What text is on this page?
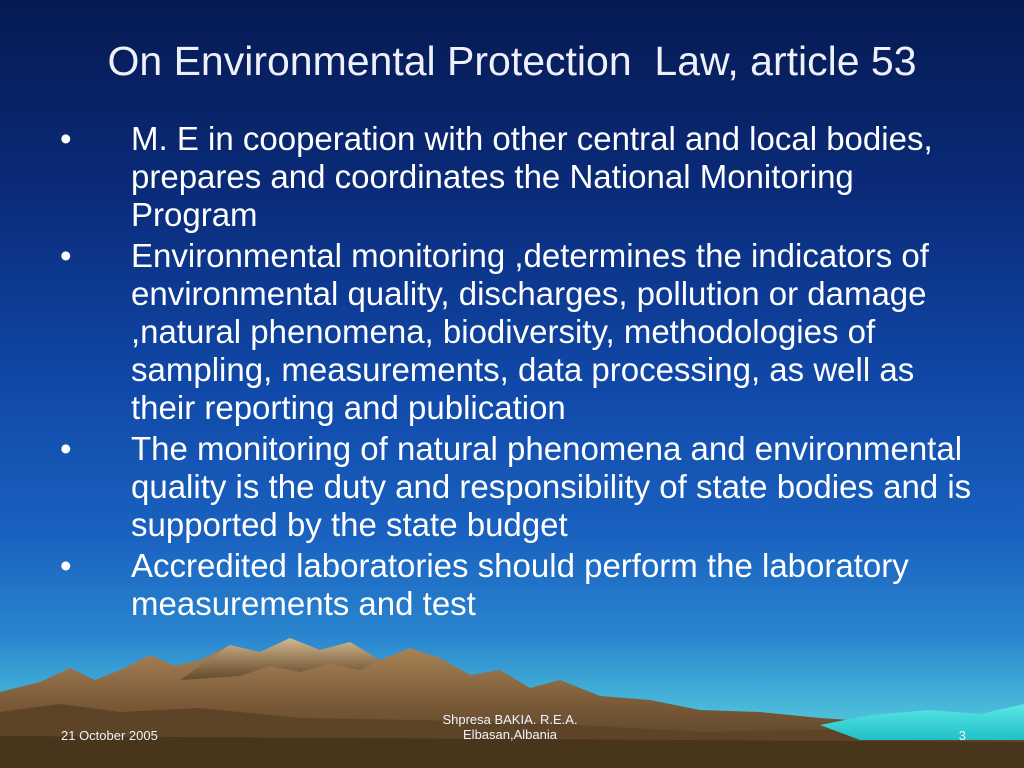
On Environmental Protection  Law, article 53
• M. E in cooperation with other central and local bodies, prepares and coordinates the National Monitoring Program
• Environmental monitoring ,determines the indicators of environmental quality, discharges, pollution or damage ,natural phenomena, biodiversity, methodologies of sampling, measurements, data processing, as well as their reporting and publication
• The monitoring of natural phenomena and environmental quality is the duty and responsibility of state bodies and is supported by the state budget
• Accredited laboratories should perform the laboratory measurements and test
21 October 2005
Shpresa BAKIA. R.E.A.
Elbasan,Albania	3
